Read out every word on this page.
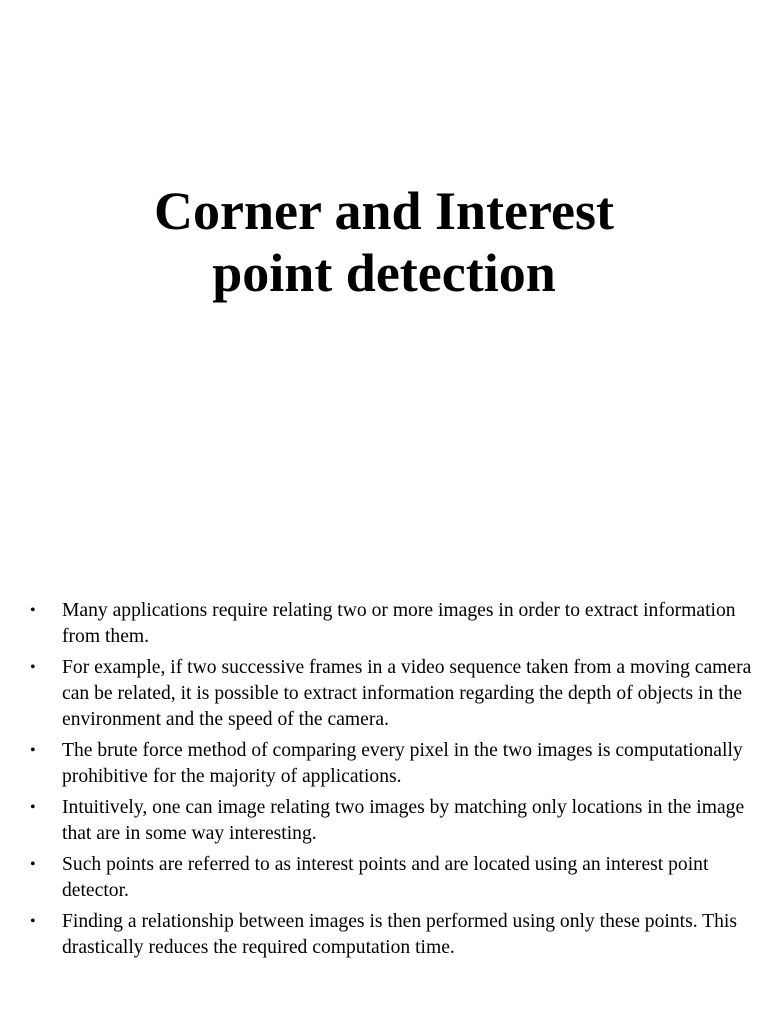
Corner and Interest
point detection
• Many applications require relating two or more images in order to extract information from them.
• For example, if two successive frames in a video sequence taken from a moving camera can be related, it is possible to extract information regarding the depth of objects in the environment and the speed of the camera.
• The brute force method of comparing every pixel in the two images is computationally prohibitive for the majority of applications.
• Intuitively, one can image relating two images by matching only locations in the image that are in some way interesting.
• Such points are referred to as interest points and are located using an interest point detector.
• Finding a relationship between images is then performed using only these points. This drastically reduces the required computation time.
